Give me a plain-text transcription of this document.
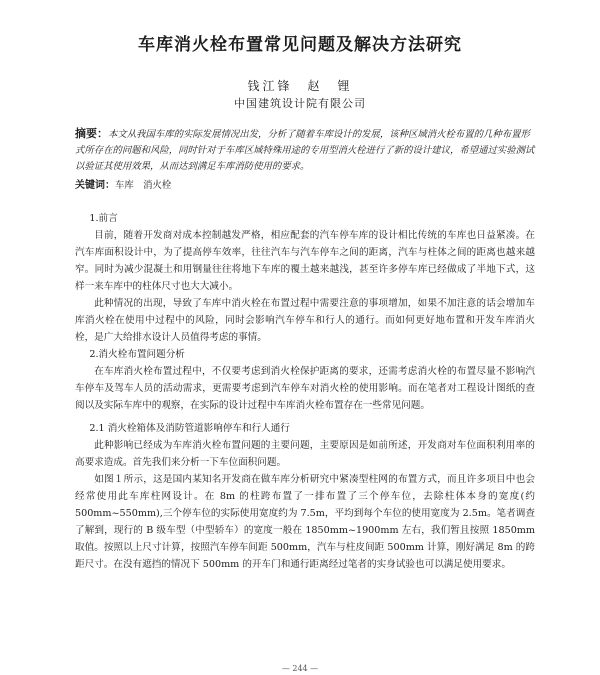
车库消火栓布置常见问题及解决方法研究
钱江锋　赵　锂
中国建筑设计院有限公司
摘要：本文从我国车库的实际发展情况出发，分析了随着车库设计的发展，该种区域消火栓布置的几种布置形式所存在的问题和风险，同时针对于车库区域特殊用途的专用型消火栓进行了新的设计建议，希望通过实验测试以验证其使用效果，从而达到满足车库消防使用的要求。
关键词：车库　消火栓
1.前言

目前，随着开发商对成本控制越发严格，相应配套的汽车停车库的设计相比传统的车库也日益紧凑。在汽车库面积设计中，为了提高停车效率，往往汽车与汽车停车之间的距离，汽车与柱体之间的距离也越来越窄。同时为减少混凝土和用钢量往往将地下车库的覆土越来越浅，甚至许多停车库已经做成了半地下式，这样一来车库中的柱体尺寸也大大减小。

此种情况的出现，导致了车库中消火栓在布置过程中需要注意的事项增加，如果不加注意的话会增加车库消火栓在使用中过程中的风险，同时会影响汽车停车和行人的通行。而如何更好地布置和开发车库消火栓，是广大给排水设计人员值得考虑的事情。

2.消火栓布置问题分析

在车库消火栓布置过程中，不仅要考虑到消火栓保护距离的要求，还需考虑消火栓的布置尽量不影响汽车停车及驾车人员的活动需求，更需要考虑到汽车停车对消火栓的使用影响。而在笔者对工程设计图纸的查阅以及实际车库中的观察，在实际的设计过程中车库消火栓布置存在一些常见问题。

2.1 消火栓箱体及消防管道影响停车和行人通行

此种影响已经成为车库消火栓布置问题的主要问题，主要原因是如前所述，开发商对车位面积利用率的高要求造成。首先我们来分析一下车位面积问题。

如图１所示，这是国内某知名开发商在做车库分析研究中紧凑型柱网的布置方式，而且许多项目中也会经常使用此车库柱网设计。在 8m 的柱跨布置了一排布置了三个停车位，去除柱体本身的宽度(约 500mm~550mm),三个停车位的实际使用宽度约为 7.5m，平均到每个车位的使用宽度为 2.5m。笔者调查了解到，现行的 B 级车型（中型轿车）的宽度一般在 1850mm~1900mm 左右，我们暂且按照 1850mm 取值。按照以上尺寸计算，按照汽车停车间距 500mm，汽车与柱皮间距 500mm 计算，刚好满足 8m 的跨距尺寸。在没有遮挡的情况下 500mm 的开车门和通行距离经过笔者的实身试验也可以满足使用要求。

— 244 —
